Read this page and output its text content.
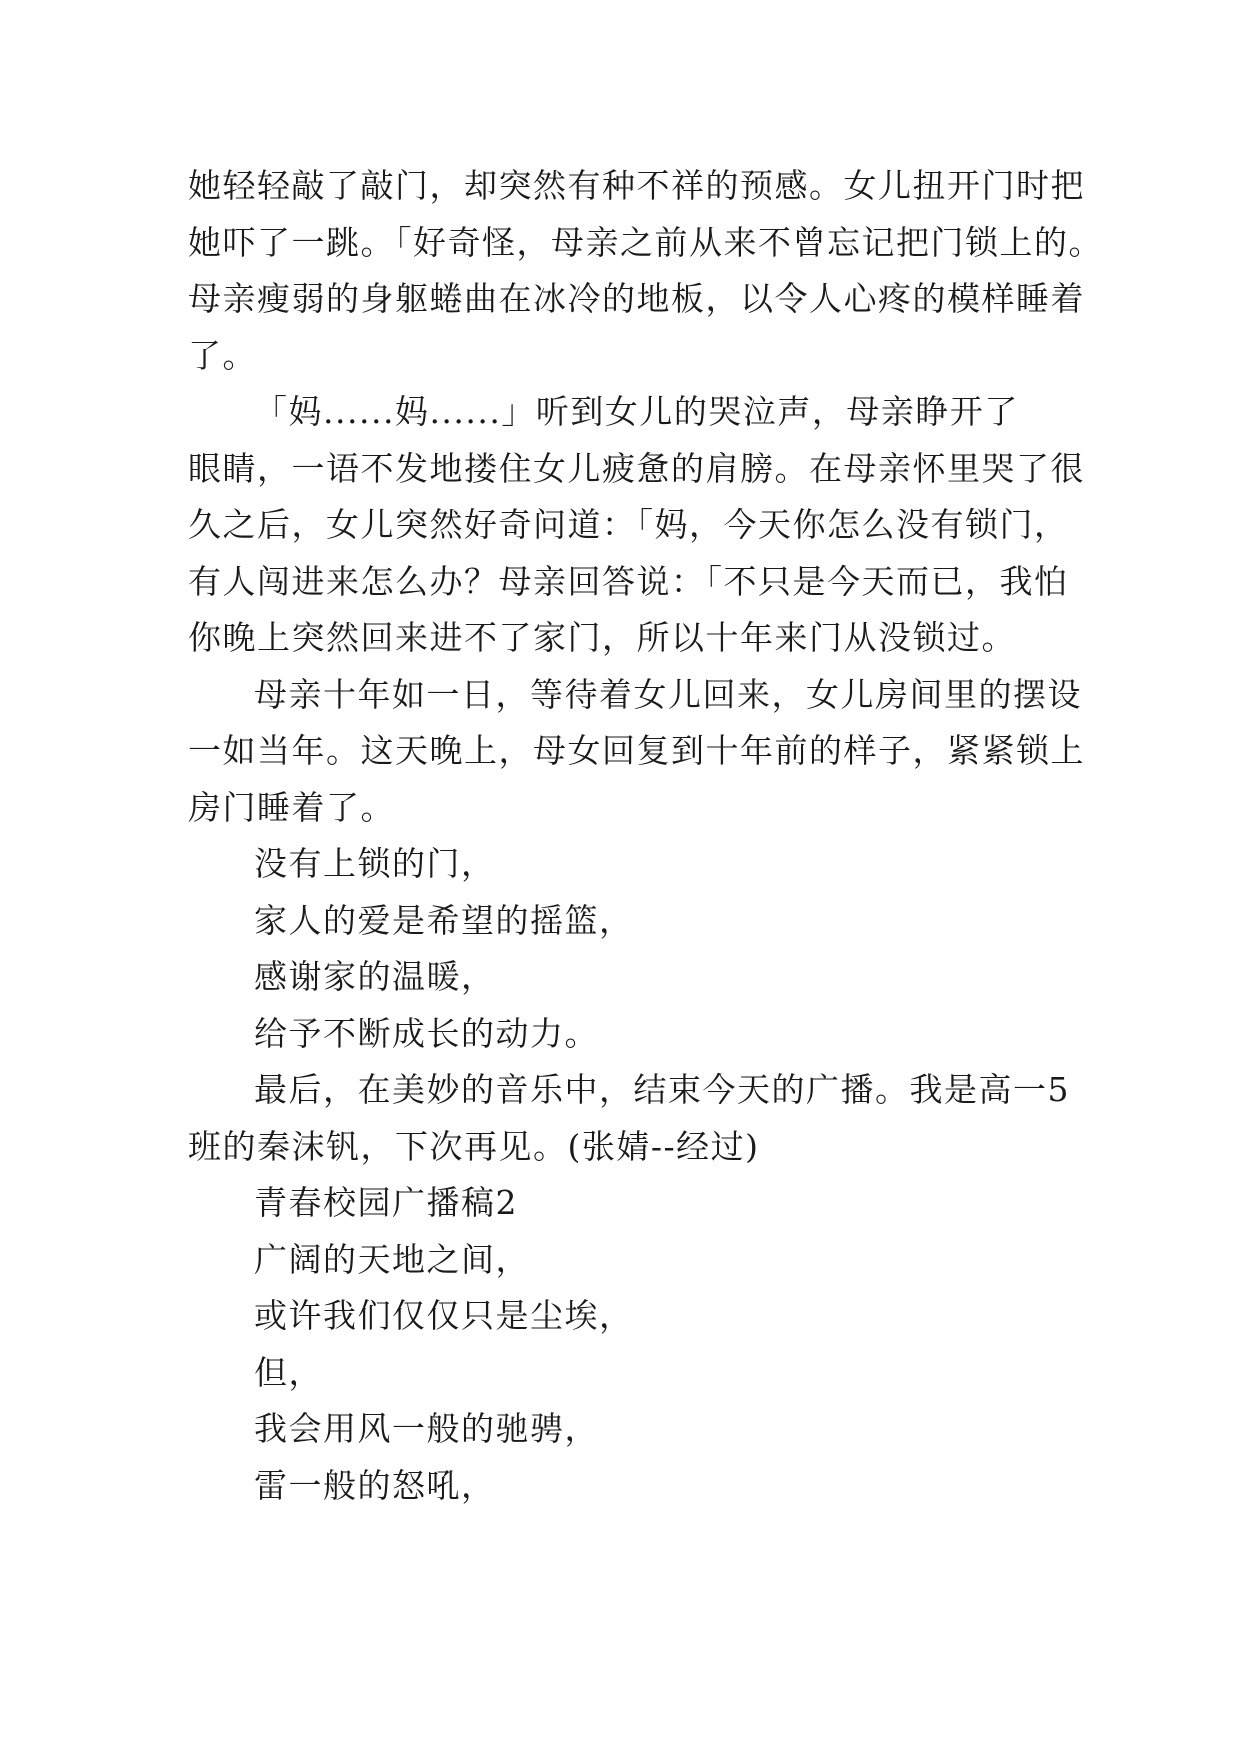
她轻轻敲了敲门，却突然有种不祥的预感。女儿扭开门时把
她吓了一跳。「好奇怪，母亲之前从来不曾忘记把门锁上的。
母亲瘦弱的身躯蜷曲在冰冷的地板，以令人心疼的模样睡着
了。
「妈......妈......」听到女儿的哭泣声，母亲睁开了
眼睛，一语不发地搂住女儿疲惫的肩膀。在母亲怀里哭了很
久之后，女儿突然好奇问道：「妈，今天你怎么没有锁门，
有人闯进来怎么办？母亲回答说：「不只是今天而已，我怕
你晚上突然回来进不了家门，所以十年来门从没锁过。
母亲十年如一日，等待着女儿回来，女儿房间里的摆设
一如当年。这天晚上，母女回复到十年前的样子，紧紧锁上
房门睡着了。
没有上锁的门，
家人的爱是希望的摇篮，
感谢家的温暖，
给予不断成长的动力。
最后，在美妙的音乐中，结束今天的广播。我是高一5
班的秦沫钒，下次再见。(张婧--经过)
青春校园广播稿2
广阔的天地之间，
或许我们仅仅只是尘埃，
但，
我会用风一般的驰骋，
雷一般的怒吼，
